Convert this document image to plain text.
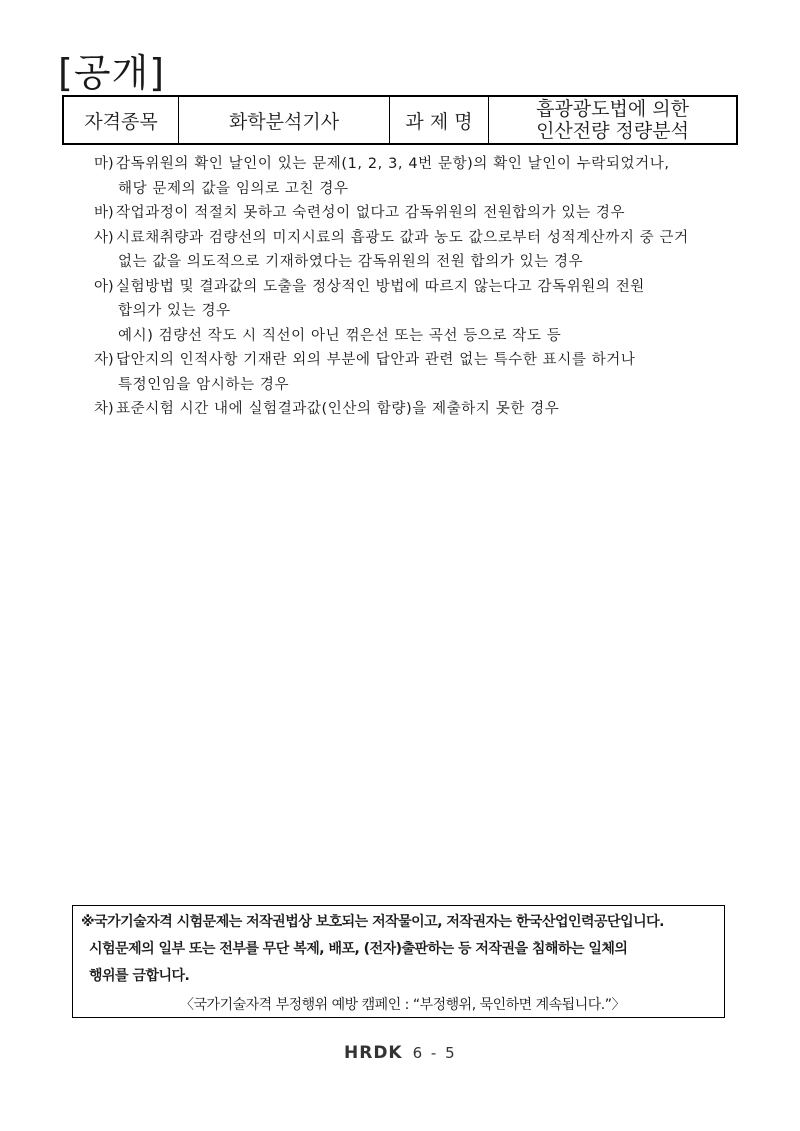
[공개]
자격종목	화학분석기사	과 제 명	
흡광광도법에 의한
인산전량 정량분석
마) 감독위원의 확인 날인이 있는 문제(1, 2, 3, 4번 문항)의 확인 날인이 누락되었거나,
해당 문제의 값을 임의로 고친 경우
바) 작업과정이 적절치 못하고 숙련성이 없다고 감독위원의 전원합의가 있는 경우
사) 시료채취량과 검량선의 미지시료의 흡광도 값과 농도 값으로부터 성적계산까지 중 근거
없는 값을 의도적으로 기재하였다는 감독위원의 전원 합의가 있는 경우
아) 실험방법 및 결과값의 도출을 정상적인 방법에 따르지 않는다고 감독위원의 전원
합의가 있는 경우
예시) 검량선 작도 시 직선이 아닌 꺾은선 또는 곡선 등으로 작도 등
자) 답안지의 인적사항 기재란 외의 부분에 답안과 관련 없는 특수한 표시를 하거나
특정인임을 암시하는 경우
차) 표준시험 시간 내에 실험결과값(인산의 함량)을 제출하지 못한 경우
※국가기술자격 시험문제는 저작권법상 보호되는 저작물이고, 저작권자는 한국산업인력공단입니다.
시험문제의 일부 또는 전부를 무단 복제, 배포, (전자)출판하는 등 저작권을 침해하는 일체의
행위를 금합니다.
〈국가기술자격 부정행위 예방 캠페인 : “부정행위, 묵인하면 계속됩니다.”〉
HRDK 6 - 5
